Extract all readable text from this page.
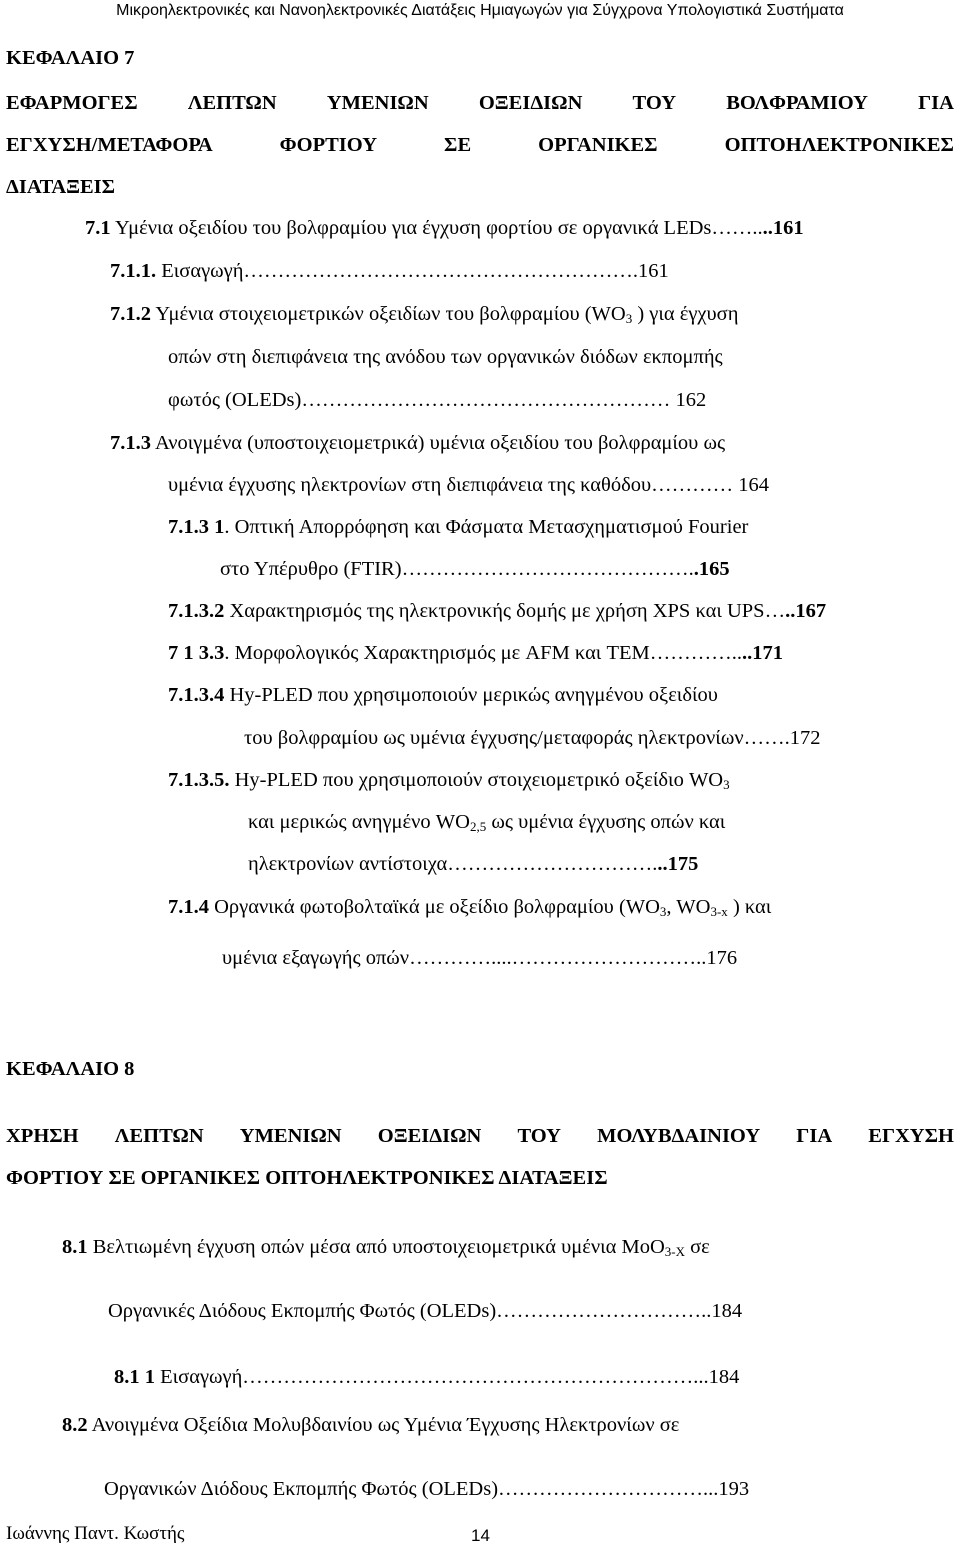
Μικροηλεκτρονικές και Νανοηλεκτρονικές Διατάξεις Ημιαγωγών για Σύγχρονα Υπολογιστικά Συστήματα
ΚΕΦΑΛΑΙΟ 7
ΕΦΑΡΜΟΓΕΣ ΛΕΠΤΩΝ ΥΜΕΝΙΩΝ ΟΞΕΙΔΙΩΝ ΤΟΥ ΒΟΛΦΡΑΜΙΟΥ ΓΙΑ
ΕΓΧΥΣΗ/ΜΕΤΑΦΟΡΑ	ΦΟΡΤΙΟΥ	ΣΕ	ΟΡΓΑΝΙΚΕΣ	ΟΠΤΟΗΛΕΚΤΡΟΝΙΚΕΣ
ΔΙΑΤΑΞΕΙΣ
7.1 Υμένια οξειδίου του βολφραμίου για έγχυση φορτίου σε οργανικά LEDs……....161
7.1.1. Εισαγωγή………………………………………………….161
7.1.2 Υμένια στοιχειομετρικών οξειδίων του βολφραμίου ($WO_3$ ) για έγχυση
οπών στη διεπιφάνεια της ανόδου των οργανικών διόδων εκπομπής
φωτός (OLEDs)……………………………………………… 162
7.1.3 Ανοιγμένα (υποστοιχειομετρικά) υμένια οξειδίου του βολφραμίου ως
υμένια έγχυσης ηλεκτρονίων στη διεπιφάνεια της καθόδου………… 164
7.1.3 1. Οπτική Απορρόφηση και Φάσματα Μετασχηματισμού Fourier
στο Υπέρυθρο (FTIR)……………………………………..165
7.1.3.2 Χαρακτηρισμός της ηλεκτρονικής δομής με χρήση XPS και UPS…..167
7 1 3.3. Μορφολογικός Χαρακτηρισμός με AFM και TEM…………....171
7.1.3.4 Hy-PLED που χρησιμοποιούν μερικώς ανηγμένου οξειδίου
του βολφραμίου ως υμένια έγχυσης/μεταφοράς ηλεκτρονίων…….172
7.1.3.5. Hy-PLED που χρησιμοποιούν στοιχειομετρικό οξείδιο $WO_3$
και μερικώς ανηγμένο $WO_{2,5}$ ως υμένια έγχυσης οπών και
ηλεκτρονίων αντίστοιχα…………………………...175
7.1.4 Οργανικά φωτοβολταϊκά με οξείδιο βολφραμίου ($WO_3$, $WO_{3-x}$ ) και
υμένια εξαγωγής οπών…………....………………………..176
ΚΕΦΑΛΑΙΟ 8
ΧΡΗΣΗ ΛΕΠΤΩΝ ΥΜΕΝΙΩΝ ΟΞΕΙΔΙΩΝ ΤΟΥ ΜΟΛΥΒΔΑΙΝΙΟΥ ΓΙΑ ΕΓΧΥΣΗ
ΦΟΡΤΙΟΥ ΣΕ ΟΡΓΑΝΙΚΕΣ ΟΠΤΟΗΛΕΚΤΡΟΝΙΚΕΣ ΔΙΑΤΑΞΕΙΣ
8.1 Βελτιωμένη έγχυση οπών μέσα από υποστοιχειομετρικά υμένια MoO$_{3-X}$ σε
Οργανικές Διόδους Εκπομπής Φωτός (OLEDs)…………………………..184
8.1 1 Εισαγωγή…………………………………………………………...184
8.2 Ανοιγμένα Οξείδια Μολυβδαινίου ως Υμένια Έγχυσης Ηλεκτρονίων σε
Οργανικών Διόδους Εκπομπής Φωτός (OLEDs)…………………………...193
Ιωάννης Παντ. Κωστής	14
